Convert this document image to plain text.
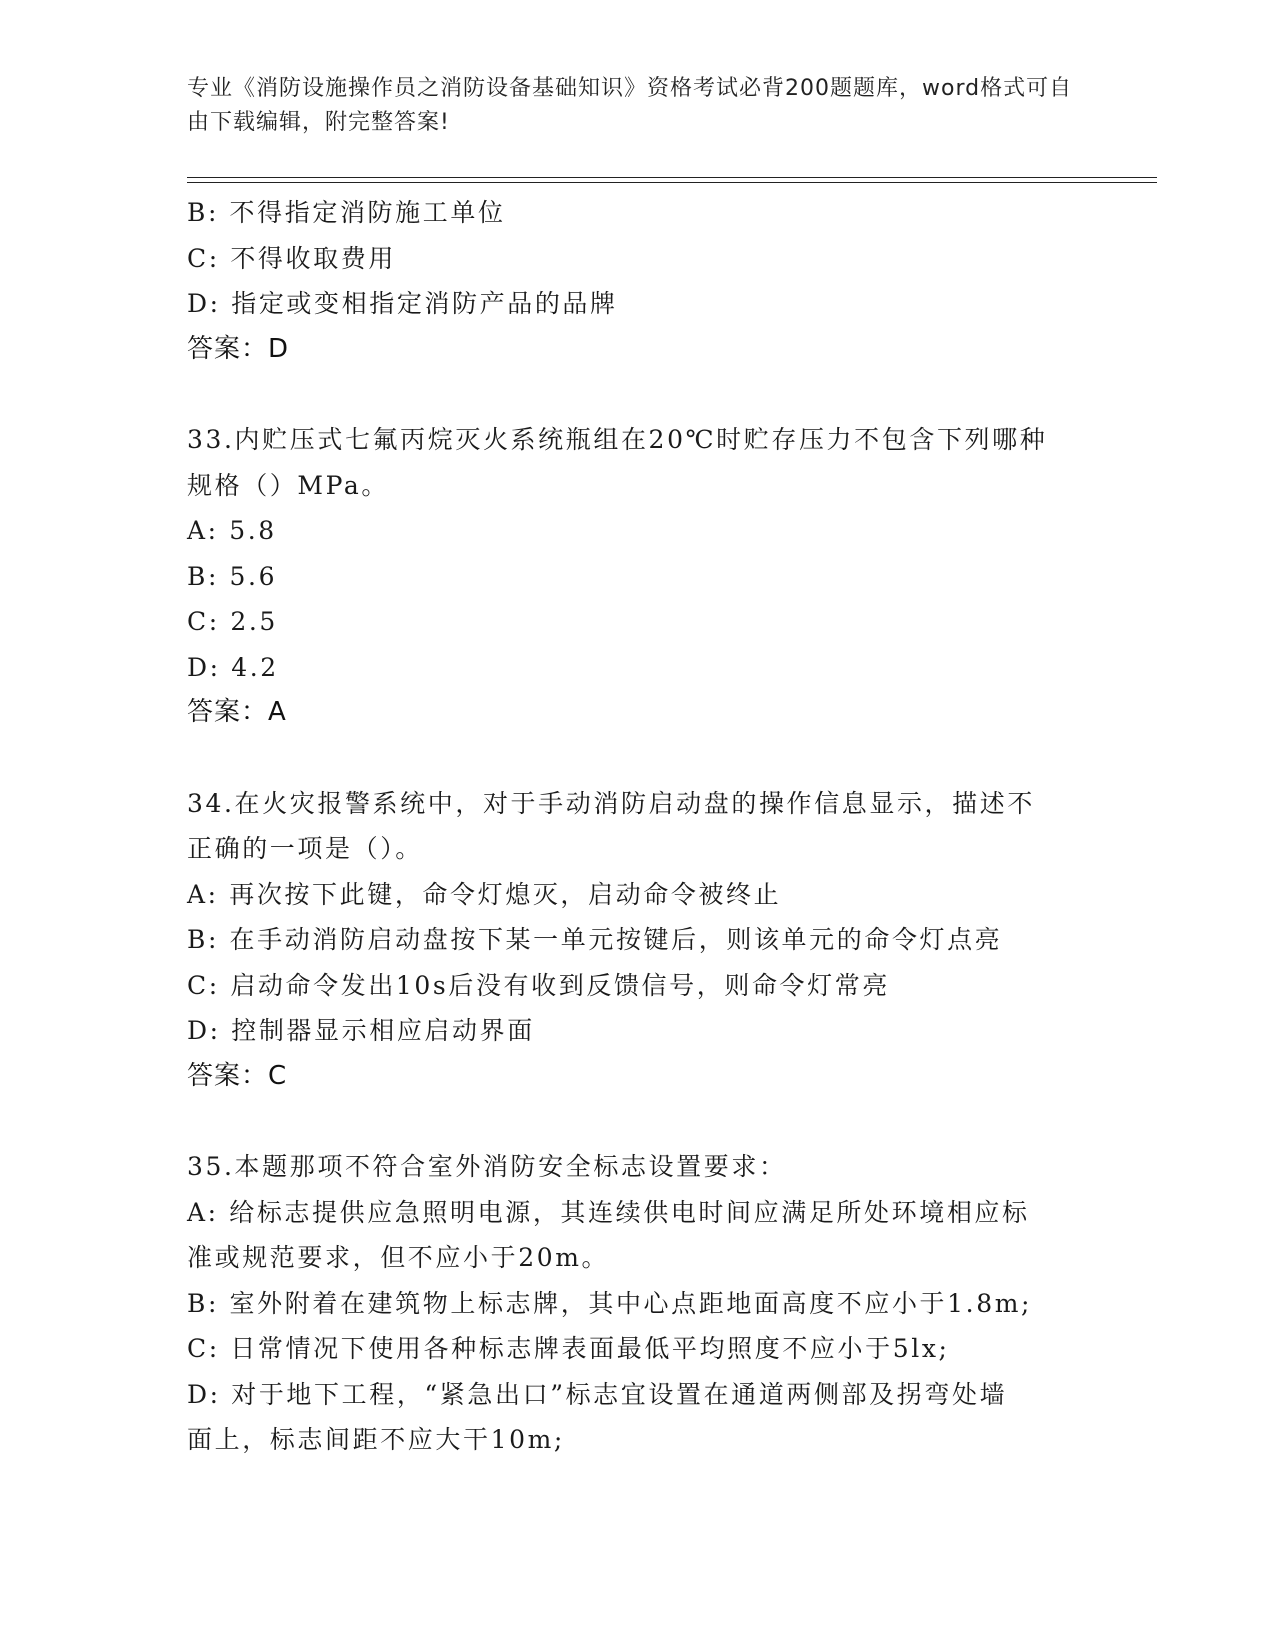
专业《消防设施操作员之消防设备基础知识》资格考试必背200题题库，word格式可自由下载编辑，附完整答案!
B: 不得指定消防施工单位
C: 不得收取费用
D: 指定或变相指定消防产品的品牌
答案：D
33.内贮压式七氟丙烷灭火系统瓶组在20℃时贮存压力不包含下列哪种
规格（）MPa。
A: 5.8
B: 5.6
C: 2.5
D: 4.2
答案：A
34.在火灾报警系统中，对于手动消防启动盘的操作信息显示，描述不
正确的一项是（）。
A: 再次按下此键，命令灯熄灭，启动命令被终止
B: 在手动消防启动盘按下某一单元按键后，则该单元的命令灯点亮
C: 启动命令发出10s后没有收到反馈信号，则命令灯常亮
D: 控制器显示相应启动界面
答案：C
35.本题那项不符合室外消防安全标志设置要求：
A: 给标志提供应急照明电源，其连续供电时间应满足所处环境相应标
准或规范要求，但不应小于20m。
B: 室外附着在建筑物上标志牌，其中心点距地面高度不应小于1.8m;
C: 日常情况下使用各种标志牌表面最低平均照度不应小于5lx;
D: 对于地下工程，“紧急出口”标志宜设置在通道两侧部及拐弯处墙
面上，标志间距不应大干10m;
